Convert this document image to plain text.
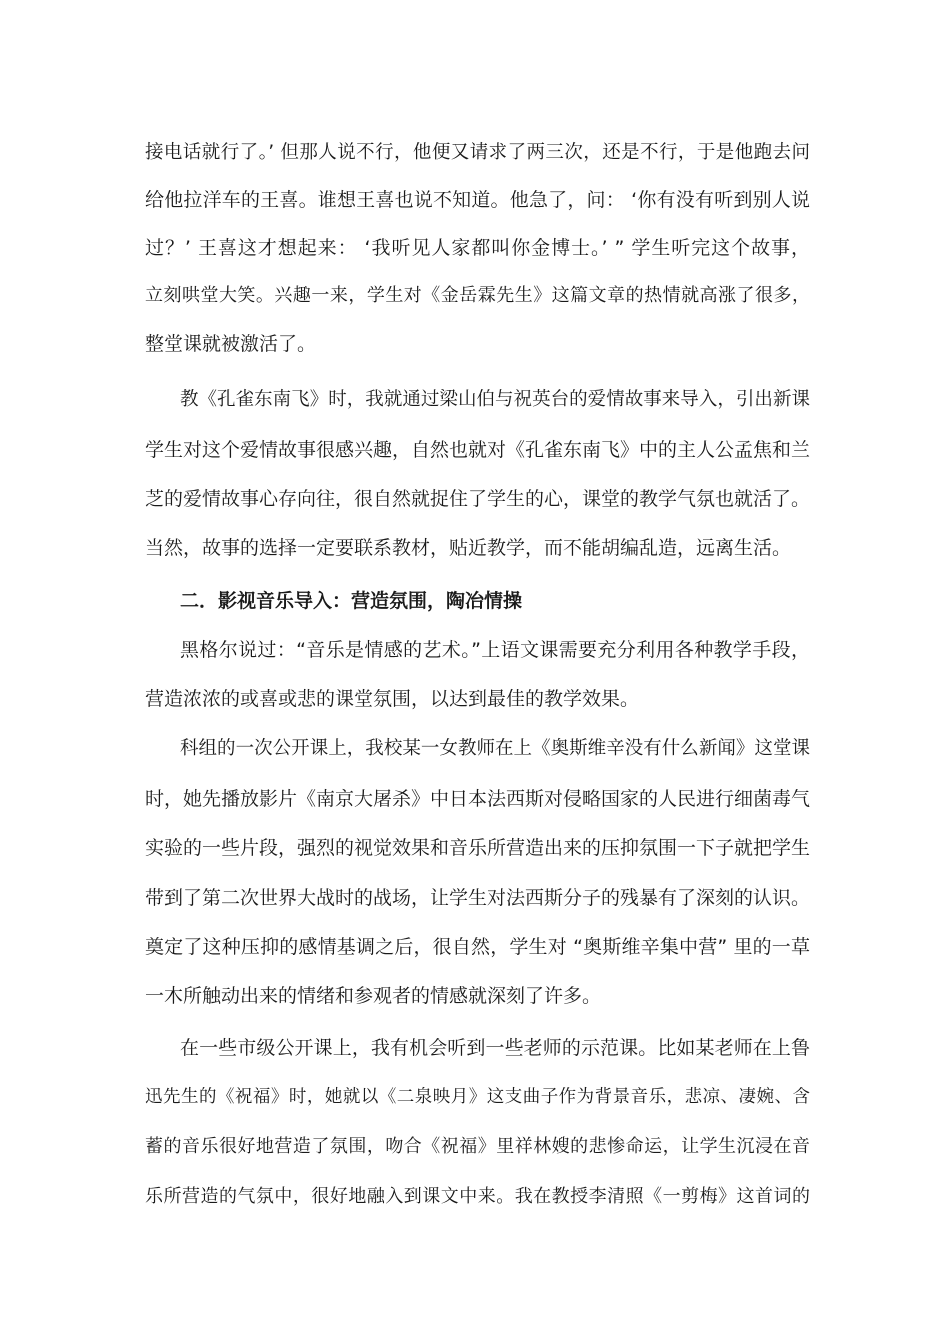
接电话就行了。’ 但那人说不行，他便又请求了两三次，还是不行，于是他跑去问
给他拉洋车的王喜。谁想王喜也说不知道。他急了，问： ‘你有没有听到别人说
过？’ 王喜这才想起来： ‘我听见人家都叫你金博士。’ ” 学生听完这个故事，
立刻哄堂大笑。兴趣一来，学生对《金岳霖先生》这篇文章的热情就高涨了很多，
整堂课就被激活了。
教《孔雀东南飞》时，我就通过梁山伯与祝英台的爱情故事来导入，引出新课
学生对这个爱情故事很感兴趣，自然也就对《孔雀东南飞》中的主人公孟焦和兰
芝的爱情故事心存向往，很自然就捉住了学生的心，课堂的教学气氛也就活了。
当然，故事的选择一定要联系教材，贴近教学，而不能胡编乱造，远离生活。
二．影视音乐导入：营造氛围，陶冶情操
黑格尔说过：“音乐是情感的艺术。”上语文课需要充分利用各种教学手段，
营造浓浓的或喜或悲的课堂氛围，以达到最佳的教学效果。
科组的一次公开课上，我校某一女教师在上《奥斯维辛没有什么新闻》这堂课
时，她先播放影片《南京大屠杀》中日本法西斯对侵略国家的人民进行细菌毒气
实验的一些片段，强烈的视觉效果和音乐所营造出来的压抑氛围一下子就把学生
带到了第二次世界大战时的战场，让学生对法西斯分子的残暴有了深刻的认识。
奠定了这种压抑的感情基调之后，很自然，学生对 “奥斯维辛集中营” 里的一草
一木所触动出来的情绪和参观者的情感就深刻了许多。
在一些市级公开课上，我有机会听到一些老师的示范课。比如某老师在上鲁
迅先生的《祝福》时，她就以《二泉映月》这支曲子作为背景音乐，悲凉、凄婉、含
蓄的音乐很好地营造了氛围，吻合《祝福》里祥林嫂的悲惨命运，让学生沉浸在音
乐所营造的气氛中，很好地融入到课文中来。我在教授李清照《一剪梅》这首词的
